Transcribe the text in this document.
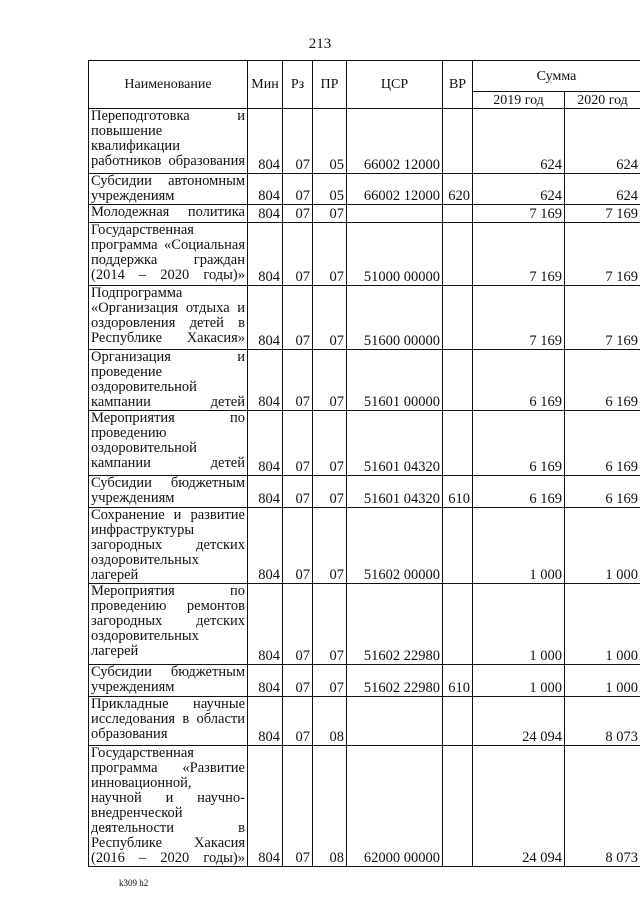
213
Наименование	Мин	Рз	ПР	ЦСР	ВР	Сумма	
						2019 год	2020 год
Переподготовка и повышение квалификации работников образования	804	07	05	66002 12000		624	624
Субсидии автономным учреждениям	804	07	05	66002 12000	620	624	624
Молодежная политика	804	07	07			7 169	7 169
Государственная программа «Социальная поддержка граждан (2014 – 2020 годы)»	804	07	07	51000 00000		7 169	7 169
Подпрограмма «Организация отдыха и оздоровления детей в Республике Хакасия»	804	07	07	51600 00000		7 169	7 169
Организация и проведение оздоровительной кампании детей	804	07	07	51601 00000		6 169	6 169
Мероприятия по проведению оздоровительной кампании детей	804	07	07	51601 04320		6 169	6 169
Субсидии бюджетным учреждениям	804	07	07	51601 04320	610	6 169	6 169
Сохранение и развитие инфраструктуры загородных детских оздоровительных лагерей	804	07	07	51602 00000		1 000	1 000
Мероприятия по проведению ремонтов загородных детских оздоровительных лагерей	804	07	07	51602 22980		1 000	1 000
Субсидии бюджетным учреждениям	804	07	07	51602 22980	610	1 000	1 000
Прикладные научные исследования в области образования	804	07	08			24 094	8 073
Государственная программа «Развитие инновационной, научной и научно-внедренческой деятельности в Республике Хакасия (2016 – 2020 годы)»	804	07	08	62000 00000		24 094	8 073
k309 h2
